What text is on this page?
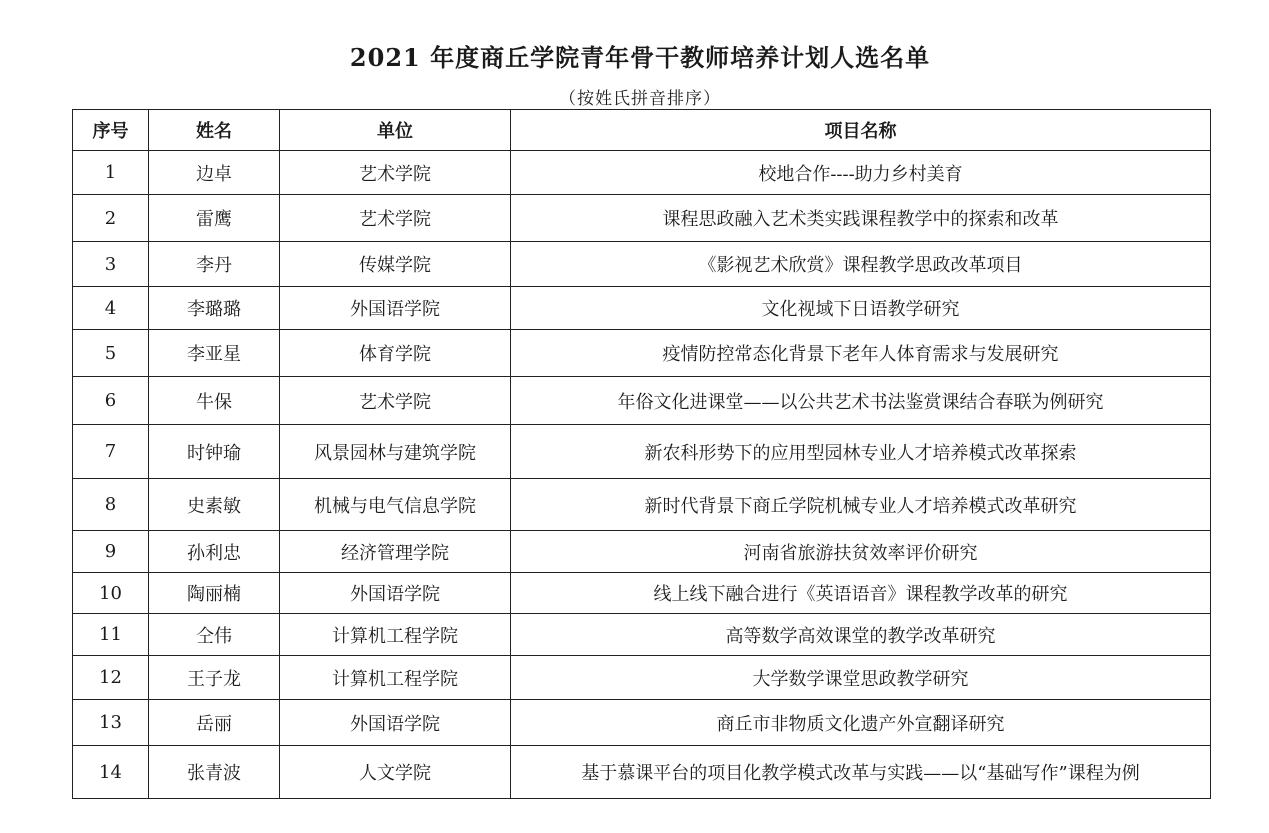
2021 年度商丘学院青年骨干教师培养计划人选名单
（按姓氏拼音排序）
序号	姓名	单位	项目名称
1	边卓	艺术学院	校地合作----助力乡村美育
2	雷鹰	艺术学院	课程思政融入艺术类实践课程教学中的探索和改革
3	李丹	传媒学院	《影视艺术欣赏》课程教学思政改革项目
4	李璐璐	外国语学院	文化视域下日语教学研究
5	李亚星	体育学院	疫情防控常态化背景下老年人体育需求与发展研究
6	牛保	艺术学院	年俗文化进课堂——以公共艺术书法鉴赏课结合春联为例研究
7	时钟瑜	风景园林与建筑学院	新农科形势下的应用型园林专业人才培养模式改革探索
8	史素敏	机械与电气信息学院	新时代背景下商丘学院机械专业人才培养模式改革研究
9	孙利忠	经济管理学院	河南省旅游扶贫效率评价研究
10	陶丽楠	外国语学院	线上线下融合进行《英语语音》课程教学改革的研究
11	仝伟	计算机工程学院	高等数学高效课堂的教学改革研究
12	王子龙	计算机工程学院	大学数学课堂思政教学研究
13	岳丽	外国语学院	商丘市非物质文化遗产外宣翻译研究
14	张青波	人文学院	基于慕课平台的项目化教学模式改革与实践——以“基础写作”课程为例
